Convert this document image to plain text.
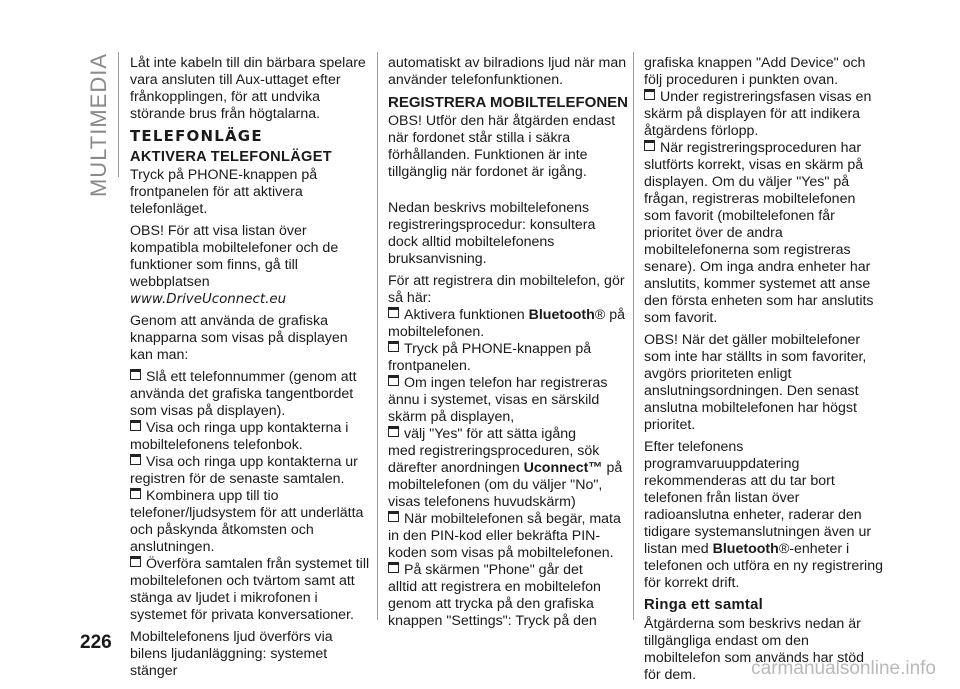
MULTIMEDIA Låt inte kabeln till din bärbara spelare vara ansluten till Aux-uttaget efter frånkopplingen, för att undvika störande brus från högtalarna.

TELEFONLÄGE
AKTIVERA TELEFONLÄGET

Tryck på PHONE-knappen på frontpanelen för att aktivera telefonläget.

OBS! För att visa listan över kompatibla mobiltelefoner och de funktioner som finns, gå till webbplatsen

www.DriveUconnect.eu

Genom att använda de grafiska knapparna som visas på displayen kan man:

Slå ett telefonnummer (genom att använda det grafiska tangentbordet som visas på displayen).

Visa och ringa upp kontakterna i mobiltelefonens telefonbok.

Visa och ringa upp kontakterna ur registren för de senaste samtalen.

Kombinera upp till tio telefoner/ljudsystem för att underlätta och påskynda åtkomsten och anslutningen.

Överföra samtalen från systemet till mobiltelefonen och tvärtom samt att stänga av ljudet i mikrofonen i systemet för privata konversationer.

Mobiltelefonens ljud överförs via bilens ljudanläggning: systemet stänger

automatiskt av bilradions ljud när man använder telefonfunktionen.

REGISTRERA MOBILTELEFONEN

OBS! Utför den här åtgärden endast när fordonet står stilla i säkra förhållanden. Funktionen är inte tillgänglig när fordonet är igång.

Nedan beskrivs mobiltelefonens registreringsprocedur: konsultera dock alltid mobiltelefonens bruksanvisning.

För att registrera din mobiltelefon, gör så här:

Aktivera funktionen Bluetooth® på mobiltelefonen.

Tryck på PHONE-knappen på frontpanelen.

Om ingen telefon har registreras ännu i systemet, visas en särskild skärm på displayen,

välj "Yes" för att sätta igång
med registreringsproceduren, sök därefter anordningen Uconnect™ på mobiltelefonen (om du väljer "No", visas telefonens huvudskärm)

När mobiltelefonen så begär, mata in den PIN-kod eller bekräfta PIN-koden som visas på mobiltelefonen.

På skärmen "Phone" går det
alltid att registrera en mobiltelefon genom att trycka på den grafiska knappen "Settings": Tryck på den

grafiska knappen "Add Device" och följ proceduren i punkten ovan.

Under registreringsfasen visas en skärm på displayen för att indikera åtgärdens förlopp.

När registreringsproceduren har slutförts korrekt, visas en skärm på displayen. Om du väljer "Yes" på frågan, registreras mobiltelefonen som favorit (mobiltelefonen får prioritet över de andra mobiltelefonerna som registreras senare). Om inga andra enheter har anslutits, kommer systemet att anse den första enheten som har anslutits som favorit.

OBS! När det gäller mobiltelefoner som inte har ställts in som favoriter, avgörs prioriteten enligt anslutningsordningen. Den senast anslutna mobiltelefonen har högst prioritet.

Efter telefonens programvaruuppdatering rekommenderas att du tar bort telefonen från listan över radioanslutna enheter, raderar den tidigare systemanslutningen även ur listan med Bluetooth®-enheter i telefonen och utföra en ny registrering för korrekt drift.

Ringa ett samtal

Åtgärderna som beskrivs nedan är tillgängliga endast om den mobiltelefon som används har stöd för dem.

226
carmanualsonline.info
